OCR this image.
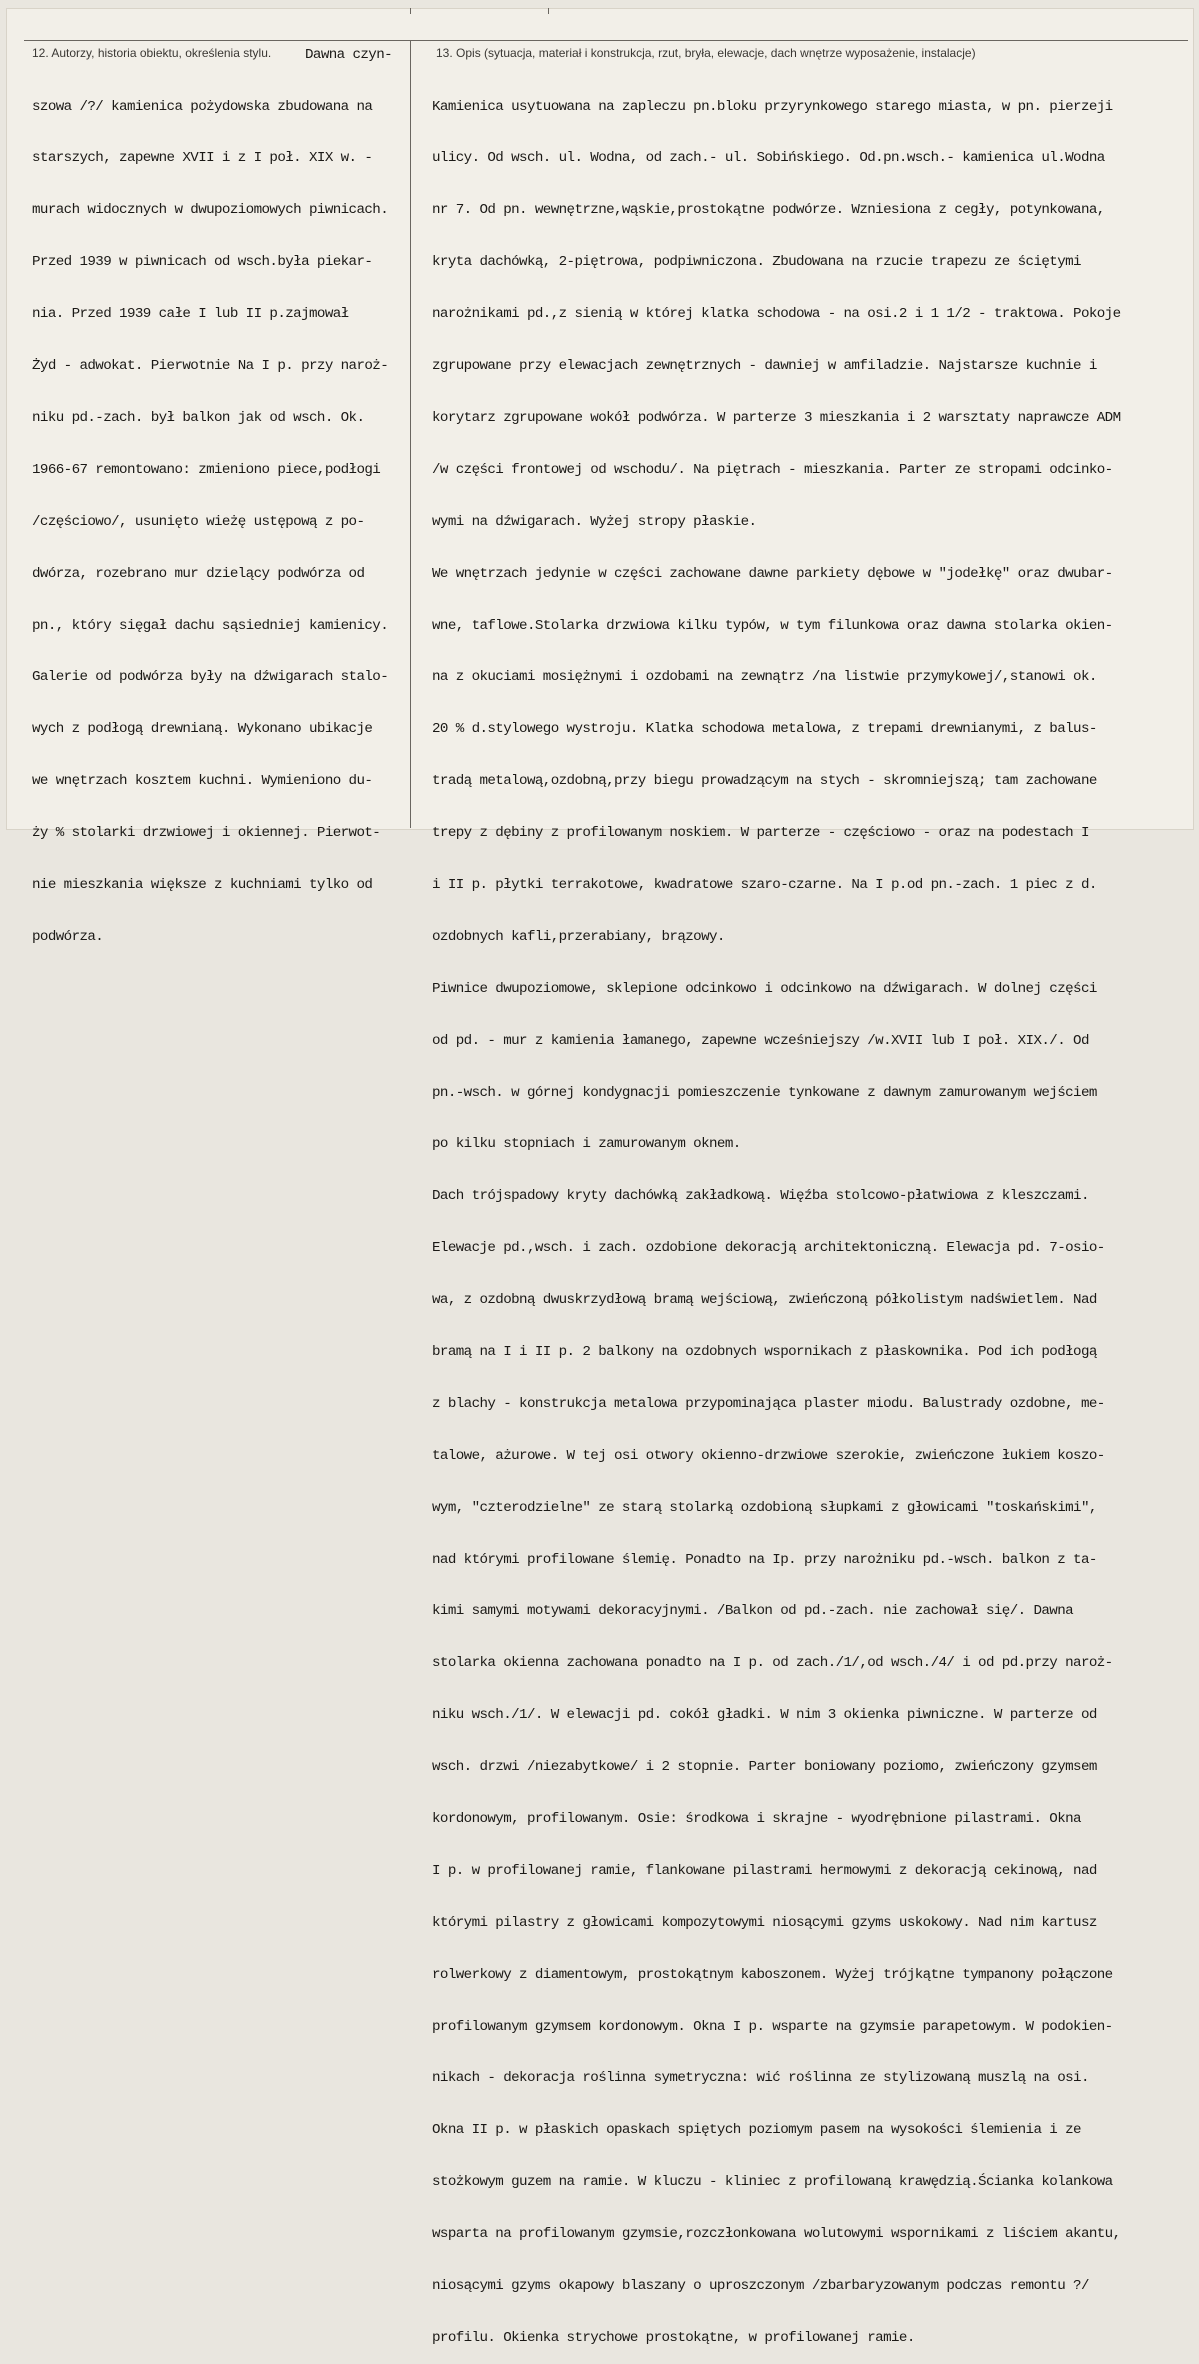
12. Autorzy, historia obiektu, określenia stylu.	13. Opis (sytuacja, materiał i konstrukcja, rzut, bryła, elewacje, dach wnętrze wyposażenie, instalacje)
Dawna czyn-

szowa /?/ kamienica pożydowska zbudowana na

starszych, zapewne XVII i z I poł. XIX w. -

murach widocznych w dwupoziomowych piwnicach.

Przed 1939 w piwnicach od wsch.była piekar-

nia. Przed 1939 całe I lub II p.zajmował

Żyd - adwokat. Pierwotnie Na I p. przy naroż-

niku pd.-zach. był balkon jak od wsch. Ok.

1966-67 remontowano: zmieniono piece,podłogi

/częściowo/, usunięto wieżę ustępową z po-

dwórza, rozebrano mur dzielący podwórza od

pn., który sięgał dachu sąsiedniej kamienicy.

Galerie od podwórza były na dźwigarach stalo-

wych z podłogą drewnianą. Wykonano ubikacje

we wnętrzach kosztem kuchni. Wymieniono du-

ży % stolarki drzwiowej i okiennej. Pierwot-

nie mieszkania większe z kuchniami tylko od

podwórza.

Kamienica usytuowana na zapleczu pn.bloku przyrynkowego starego miasta, w pn. pierzeji

ulicy. Od wsch. ul. Wodna, od zach.- ul. Sobińskiego. Od.pn.wsch.- kamienica ul.Wodna

nr 7. Od pn. wewnętrzne,wąskie,prostokątne podwórze. Wzniesiona z cegły, potynkowana,

kryta dachówką, 2-piętrowa, podpiwniczona. Zbudowana na rzucie trapezu ze ściętymi

narożnikami pd.,z sienią w której klatka schodowa - na osi.2 i 1 1/2 - traktowa. Pokoje

zgrupowane przy elewacjach zewnętrznych - dawniej w amfiladzie. Najstarsze kuchnie i

korytarz zgrupowane wokół podwórza. W parterze 3 mieszkania i 2 warsztaty naprawcze ADM

/w części frontowej od wschodu/. Na piętrach - mieszkania. Parter ze stropami odcinko-

wymi na dźwigarach. Wyżej stropy płaskie.

We wnętrzach jedynie w części zachowane dawne parkiety dębowe w "jodełkę" oraz dwubar-

wne, taflowe.Stolarka drzwiowa kilku typów, w tym filunkowa oraz dawna stolarka okien-

na z okuciami mosiężnymi i ozdobami na zewnątrz /na listwie przymykowej/,stanowi ok.

20 % d.stylowego wystroju. Klatka schodowa metalowa, z trepami drewnianymi, z balus-

tradą metalową,ozdobną,przy biegu prowadzącym na stych - skromniejszą; tam zachowane

trepy z dębiny z profilowanym noskiem. W parterze - częściowo - oraz na podestach I

i II p. płytki terrakotowe, kwadratowe szaro-czarne. Na I p.od pn.-zach. 1 piec z d.

ozdobnych kafli,przerabiany, brązowy.

Piwnice dwupoziomowe, sklepione odcinkowo i odcinkowo na dźwigarach. W dolnej części

od pd. - mur z kamienia łamanego, zapewne wcześniejszy /w.XVII lub I poł. XIX./. Od

pn.-wsch. w górnej kondygnacji pomieszczenie tynkowane z dawnym zamurowanym wejściem

po kilku stopniach i zamurowanym oknem.

Dach trójspadowy kryty dachówką zakładkową. Więźba stolcowo-płatwiowa z kleszczami.

Elewacje pd.,wsch. i zach. ozdobione dekoracją architektoniczną. Elewacja pd. 7-osio-

wa, z ozdobną dwuskrzydłową bramą wejściową, zwieńczoną półkolistym nadświetlem. Nad

bramą na I i II p. 2 balkony na ozdobnych wspornikach z płaskownika. Pod ich podłogą

z blachy - konstrukcja metalowa przypominająca plaster miodu. Balustrady ozdobne, me-

talowe, ażurowe. W tej osi otwory okienno-drzwiowe szerokie, zwieńczone łukiem koszo-

wym, "czterodzielne" ze starą stolarką ozdobioną słupkami z głowicami "toskańskimi",

nad którymi profilowane ślemię. Ponadto na Ip. przy narożniku pd.-wsch. balkon z ta-

kimi samymi motywami dekoracyjnymi. /Balkon od pd.-zach. nie zachował się/. Dawna

stolarka okienna zachowana ponadto na I p. od zach./1/,od wsch./4/ i od pd.przy naroż-

niku wsch./1/. W elewacji pd. cokół gładki. W nim 3 okienka piwniczne. W parterze od

wsch. drzwi /niezabytkowe/ i 2 stopnie. Parter boniowany poziomo, zwieńczony gzymsem

kordonowym, profilowanym. Osie: środkowa i skrajne - wyodrębnione pilastrami. Okna

I p. w profilowanej ramie, flankowane pilastrami hermowymi z dekoracją cekinową, nad

którymi pilastry z głowicami kompozytowymi niosącymi gzyms uskokowy. Nad nim kartusz

rolwerkowy z diamentowym, prostokątnym kaboszonem. Wyżej trójkątne tympanony połączone

profilowanym gzymsem kordonowym. Okna I p. wsparte na gzymsie parapetowym. W podokien-

nikach - dekoracja roślinna symetryczna: wić roślinna ze stylizowaną muszlą na osi.

Okna II p. w płaskich opaskach spiętych poziomym pasem na wysokości ślemienia i ze

stożkowym guzem na ramie. W kluczu - kliniec z profilowaną krawędzią.Ścianka kolankowa

wsparta na profilowanym gzymsie,rozczłonkowana wolutowymi wspornikami z liściem akantu,

niosącymi gzyms okapowy blaszany o uproszczonym /zbarbaryzowanym podczas remontu ?/

profilu. Okienka strychowe prostokątne, w profilowanej ramie.
